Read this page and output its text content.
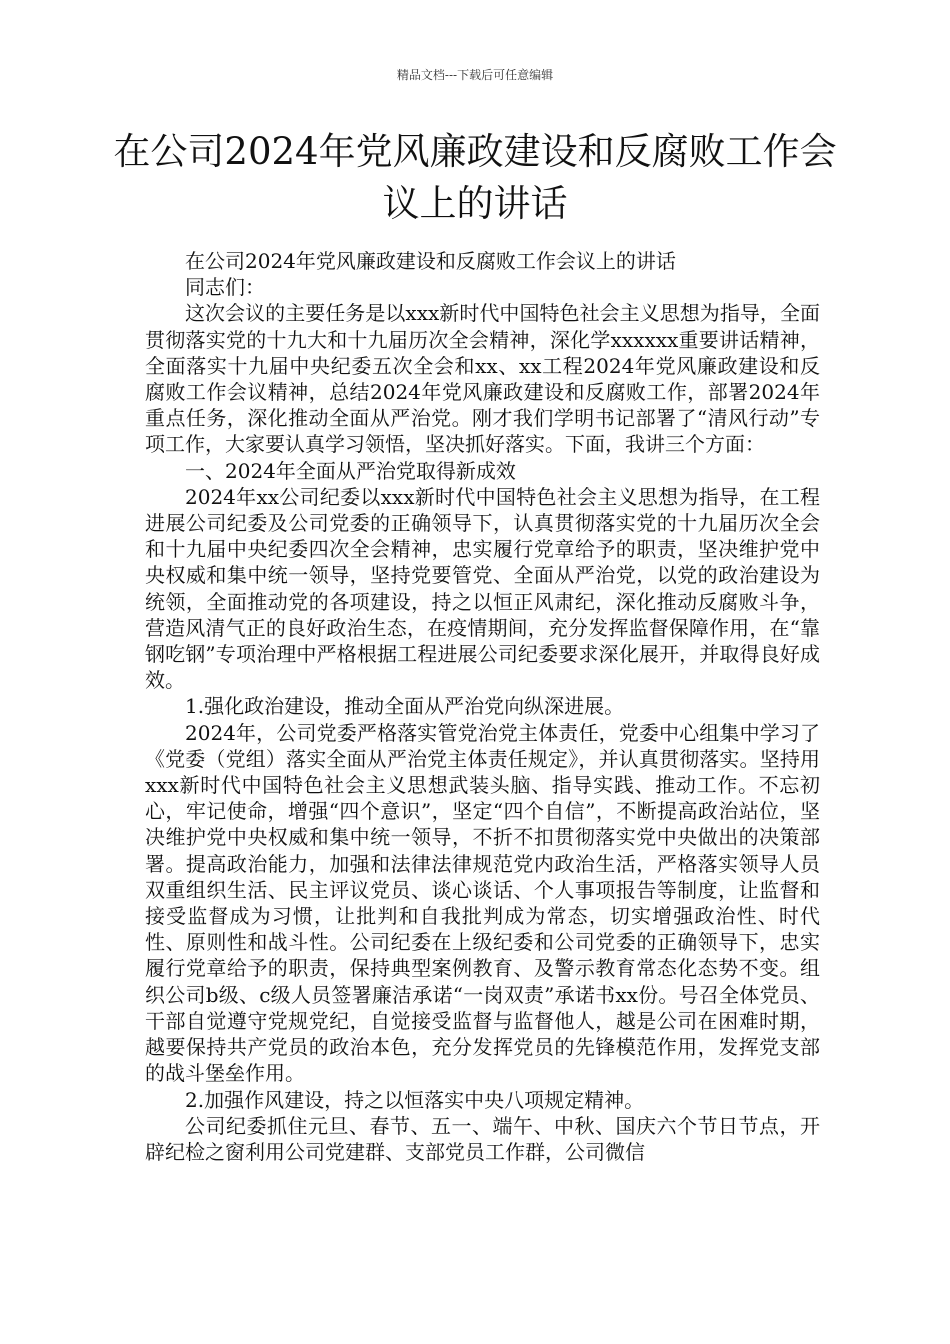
精品文档---下载后可任意编辑
在公司2024年党风廉政建设和反腐败工作会议上的讲话

在公司2024年党风廉政建设和反腐败工作会议上的讲话

同志们：

这次会议的主要任务是以xxx新时代中国特色社会主义思想为指导，全面贯彻落实党的十九大和十九届历次全会精神，深化学xxxxxx重要讲话精神，全面落实十九届中央纪委五次全会和xx、xx工程2024年党风廉政建设和反腐败工作会议精神，总结2024年党风廉政建设和反腐败工作，部署2024年重点任务，深化推动全面从严治党。刚才我们学明书记部署了“清风行动”专项工作，大家要认真学习领悟，坚决抓好落实。下面，我讲三个方面：

一、2024年全面从严治党取得新成效

2024年xx公司纪委以xxx新时代中国特色社会主义思想为指导，在工程进展公司纪委及公司党委的正确领导下，认真贯彻落实党的十九届历次全会和十九届中央纪委四次全会精神，忠实履行党章给予的职责，坚决维护党中央权威和集中统一领导，坚持党要管党、全面从严治党，以党的政治建设为统领，全面推动党的各项建设，持之以恒正风肃纪，深化推动反腐败斗争，营造风清气正的良好政治生态，在疫情期间，充分发挥监督保障作用，在“靠钢吃钢”专项治理中严格根据工程进展公司纪委要求深化展开，并取得良好成效。

1.强化政治建设，推动全面从严治党向纵深进展。

2024年，公司党委严格落实管党治党主体责任，党委中心组集中学习了《党委（党组）落实全面从严治党主体责任规定》，并认真贯彻落实。坚持用xxx新时代中国特色社会主义思想武装头脑、指导实践、推动工作。不忘初心，牢记使命，增强“四个意识”，坚定“四个自信”，不断提高政治站位，坚决维护党中央权威和集中统一领导，不折不扣贯彻落实党中央做出的决策部署。提高政治能力，加强和法律法律规范党内政治生活，严格落实领导人员双重组织生活、民主评议党员、谈心谈话、个人事项报告等制度，让监督和接受监督成为习惯，让批判和自我批判成为常态，切实增强政治性、时代性、原则性和战斗性。公司纪委在上级纪委和公司党委的正确领导下，忠实履行党章给予的职责，保持典型案例教育、及警示教育常态化态势不变。组织公司b级、c级人员签署廉洁承诺“一岗双责”承诺书xx份。号召全体党员、干部自觉遵守党规党纪，自觉接受监督与监督他人，越是公司在困难时期，越要保持共产党员的政治本色，充分发挥党员的先锋模范作用，发挥党支部的战斗堡垒作用。

2.加强作风建设，持之以恒落实中央八项规定精神。

公司纪委抓住元旦、春节、五一、端午、中秋、国庆六个节日节点，开辟纪检之窗利用公司党建群、支部党员工作群，公司微信
